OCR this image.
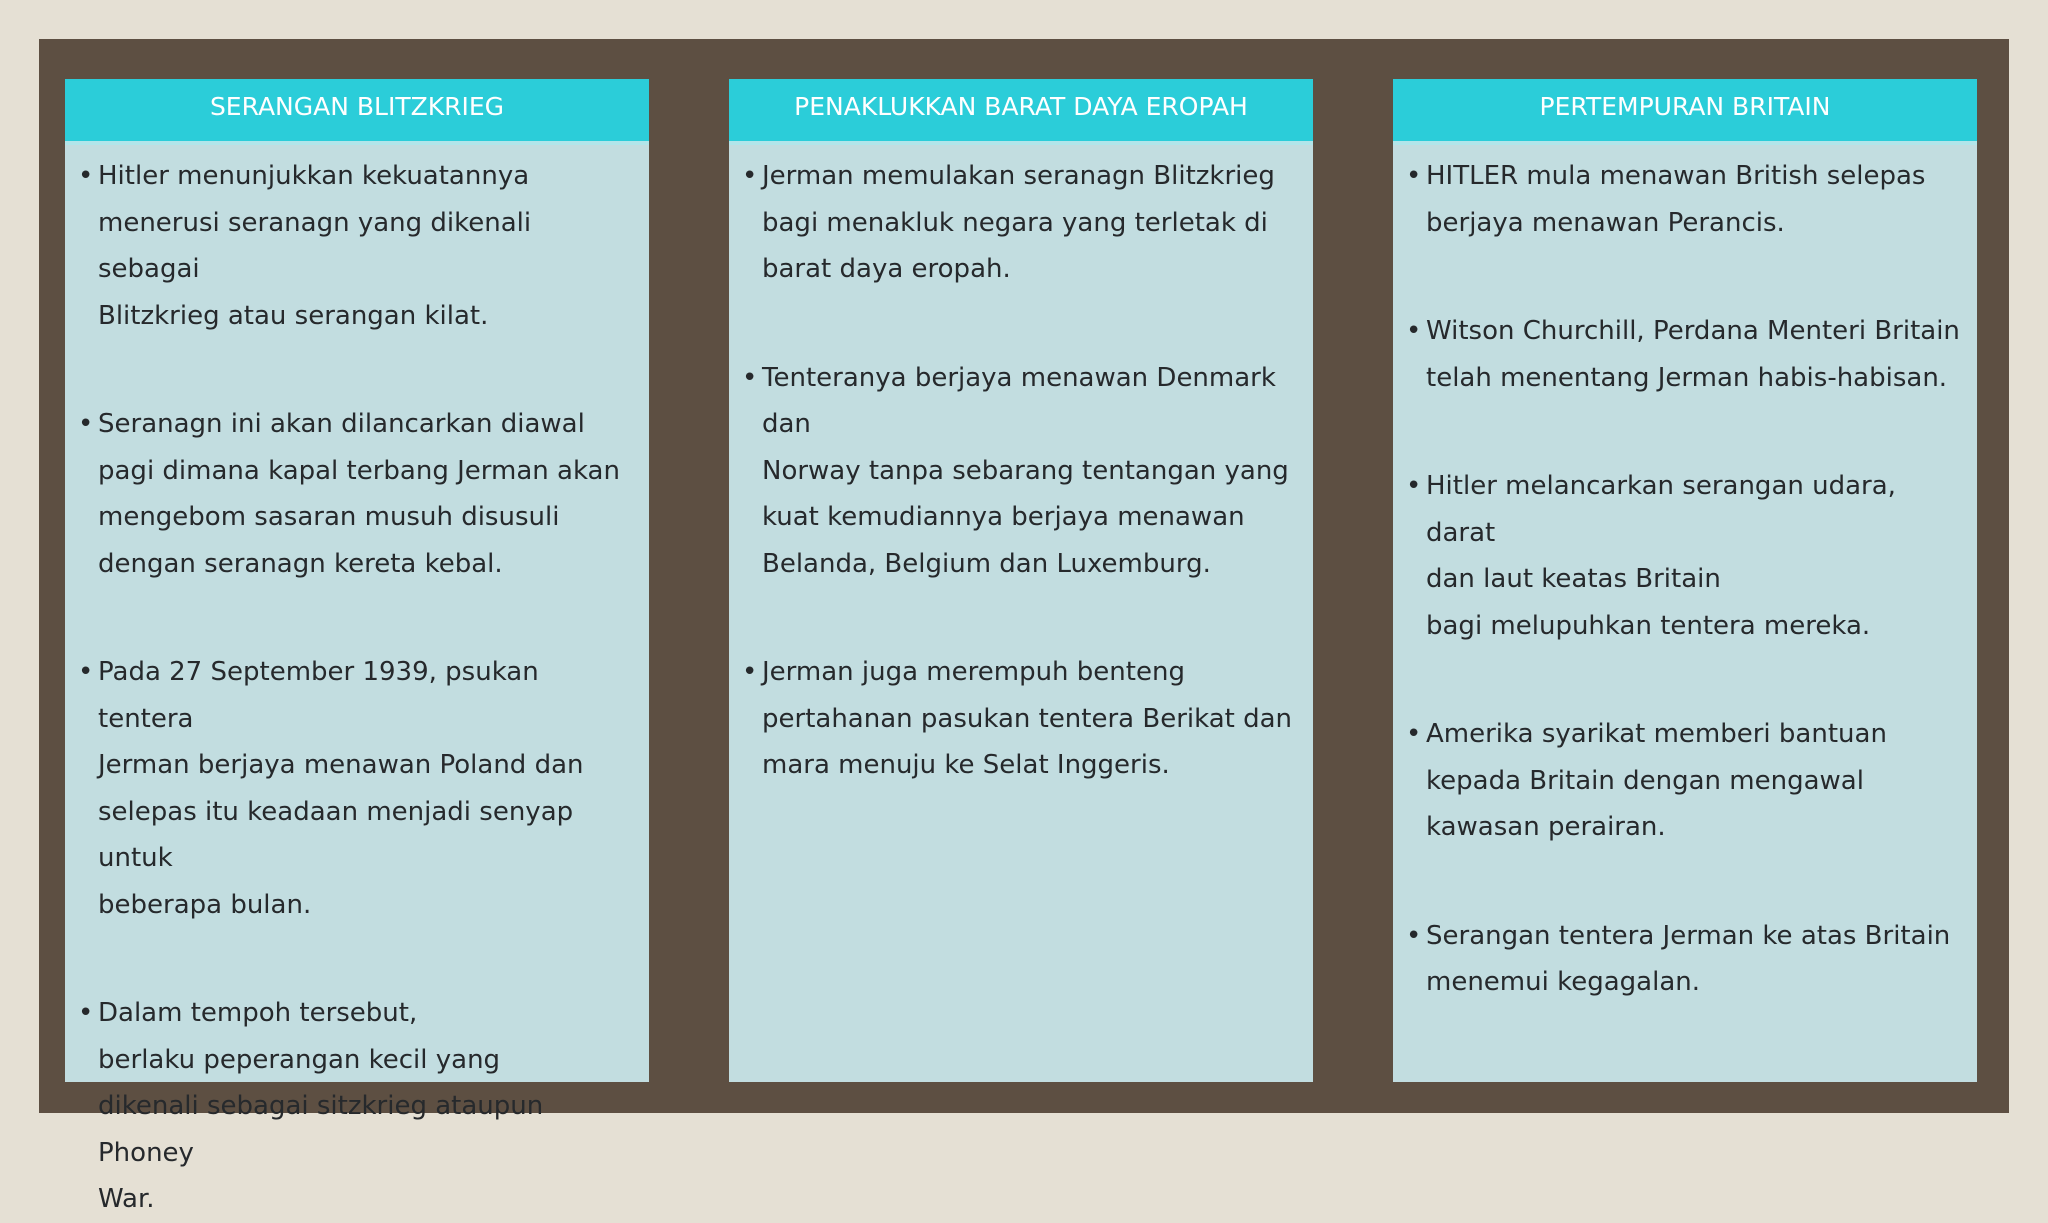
SERANGAN BLITZKRIEG
• Hitler menunjukkan kekuatannya
menerusi seranagn yang dikenali sebagai
Blitzkrieg atau serangan kilat.
• Seranagn ini akan dilancarkan diawal
pagi dimana kapal terbang Jerman akan
mengebom sasaran musuh disusuli
dengan seranagn kereta kebal.
• Pada 27 September 1939, psukan tentera
Jerman berjaya menawan Poland dan
selepas itu keadaan menjadi senyap untuk
beberapa bulan.
• Dalam tempoh tersebut,
berlaku peperangan kecil yang
dikenali sebagai sitzkrieg ataupun Phoney
War.
PENAKLUKKAN BARAT DAYA EROPAH
• Jerman memulakan seranagn Blitzkrieg
bagi menakluk negara yang terletak di
barat daya eropah.
• Tenteranya berjaya menawan Denmark dan
Norway tanpa sebarang tentangan yang
kuat kemudiannya berjaya menawan
Belanda, Belgium dan Luxemburg.
• Jerman juga merempuh benteng
pertahanan pasukan tentera Berikat dan
mara menuju ke Selat Inggeris.
PERTEMPURAN BRITAIN
• HITLER mula menawan British selepas
berjaya menawan Perancis.
• Witson Churchill, Perdana Menteri Britain
telah menentang Jerman habis-habisan.
• Hitler melancarkan serangan udara, darat
dan laut keatas Britain
bagi melupuhkan tentera mereka.
• Amerika syarikat memberi bantuan
kepada Britain dengan mengawal
kawasan perairan.
• Serangan tentera Jerman ke atas Britain
menemui kegagalan.
